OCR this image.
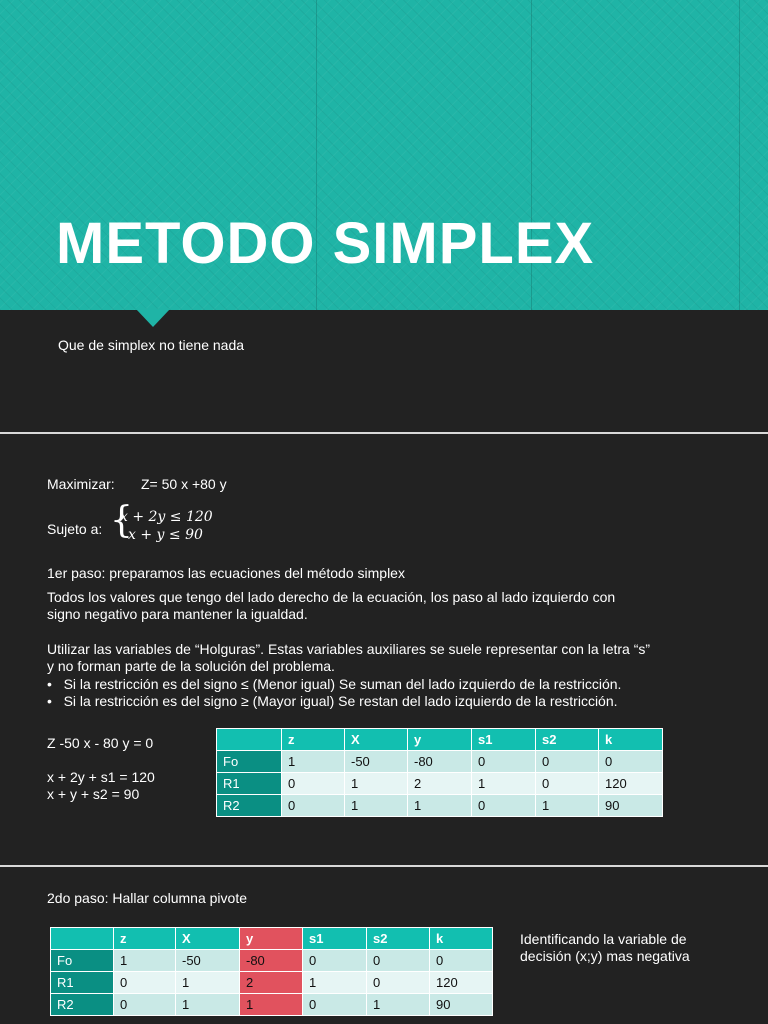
METODO SIMPLEX
Que de simplex no tiene nada
Maximizar: Z= 50 x +80 y
Sujeto a: {
x + 2y ≤ 120
x + y ≤ 90
1er paso: preparamos las ecuaciones del método simplex
Todos los valores que tengo del lado derecho de la ecuación, los paso al lado izquierdo con
signo negativo para mantener la igualdad.
Utilizar las variables de “Holguras”. Estas variables auxiliares se suele representar con la letra “s”
y no forman parte de la solución del problema.
•   Si la restricción es del signo ≤ (Menor igual) Se suman del lado izquierdo de la restricción.
•   Si la restricción es del signo ≥ (Mayor igual) Se restan del lado izquierdo de la restricción.
Z -50 x - 80 y = 0
x + 2y + s1 = 120
x + y + s2 = 90
	z	X	y	s1	s2	k
Fo	1	-50	-80	0	0	0
R1	0	1	2	1	0	120
R2	0	1	1	0	1	90
2do paso: Hallar columna pivote
	z	X	y	s1	s2	k
Fo	1	-50	-80	0	0	0
R1	0	1	2	1	0	120
R2	0	1	1	0	1	90
Identificando la variable de
decisión (x;y) mas negativa
